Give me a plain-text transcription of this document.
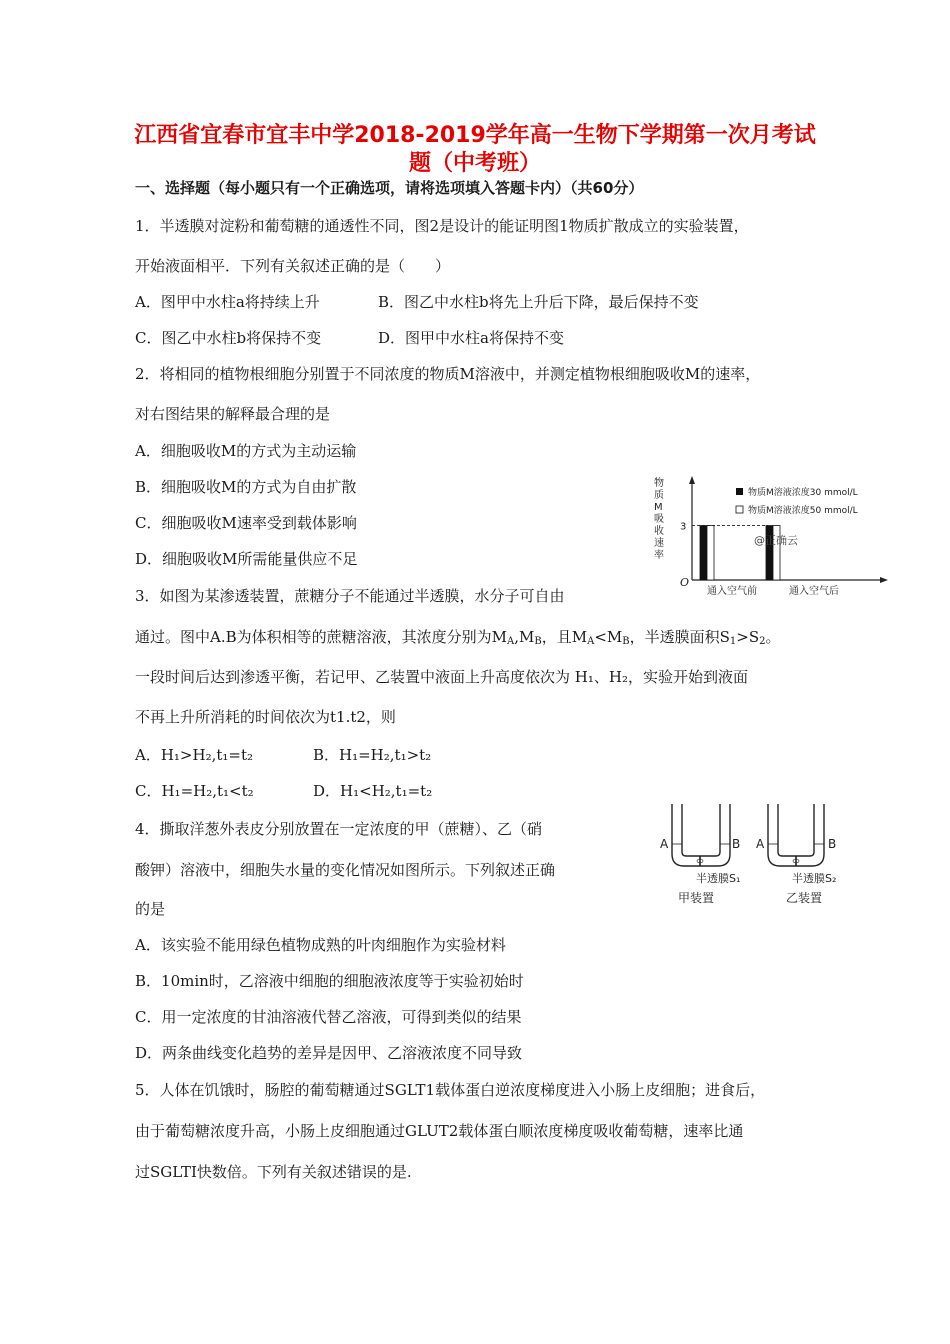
江西省宜春市宜丰中学2018-2019学年高一生物下学期第一次月考试
题（中考班）
一、选择题（每小题只有一个正确选项，请将选项填入答题卡内）（共60分）
1．半透膜对淀粉和葡萄糖的通透性不同，图2是设计的能证明图1物质扩散成立的实验装置，
开始液面相平．下列有关叙述正确的是（　　）
A．图甲中水柱a将持续上升	B．图乙中水柱b将先上升后下降，最后保持不变
C．图乙中水柱b将保持不变	D．图甲中水柱a将保持不变
2．将相同的植物根细胞分别置于不同浓度的物质M溶液中，并测定植物根细胞吸收M的速率，
对右图结果的解释最合理的是
A．细胞吸收M的方式为主动运输
B．细胞吸收M的方式为自由扩散
C．细胞吸收M速率受到载体影响
D．细胞吸收M所需能量供应不足
物
质
M
吸
收
速
率
3
O
通入空气前	通入空气后
物质M溶液浓度30 mmol/L
物质M溶液浓度50 mmol/L
@正确云
3．如图为某渗透装置，蔗糖分子不能通过半透膜，水分子可自由
通过。图中A.B为体积相等的蔗糖溶液，其浓度分别为$M_A,M_B$，且$M_A<M_B$，半透膜面积$S_1>S_2$。
一段时间后达到渗透平衡，若记甲、乙装置中液面上升高度依次为 H₁、H₂，实验开始到液面
不再上升所消耗的时间依次为t1.t2，则
A．H₁>H₂,t₁=t₂	B．H₁=H₂,t₁>t₂
C．H₁=H₂,t₁<t₂	D．H₁<H₂,t₁=t₂
A	B
半透膜S₁
甲装置
A	B
半透膜S₂
乙装置
4．撕取洋葱外表皮分别放置在一定浓度的甲（蔗糖）、乙（硝
酸钾）溶液中，细胞失水量的变化情况如图所示。下列叙述正确
的是
A．该实验不能用绿色植物成熟的叶肉细胞作为实验材料
B．10min时，乙溶液中细胞的细胞液浓度等于实验初始时
C．用一定浓度的甘油溶液代替乙溶液，可得到类似的结果
D．两条曲线变化趋势的差异是因甲、乙溶液浓度不同导致
5．人体在饥饿时，肠腔的葡萄糖通过SGLT1载体蛋白逆浓度梯度进入小肠上皮细胞；进食后，
由于葡萄糖浓度升高，小肠上皮细胞通过GLUT2载体蛋白顺浓度梯度吸收葡萄糖，速率比通
过SGLTI快数倍。下列有关叙述错误的是.
